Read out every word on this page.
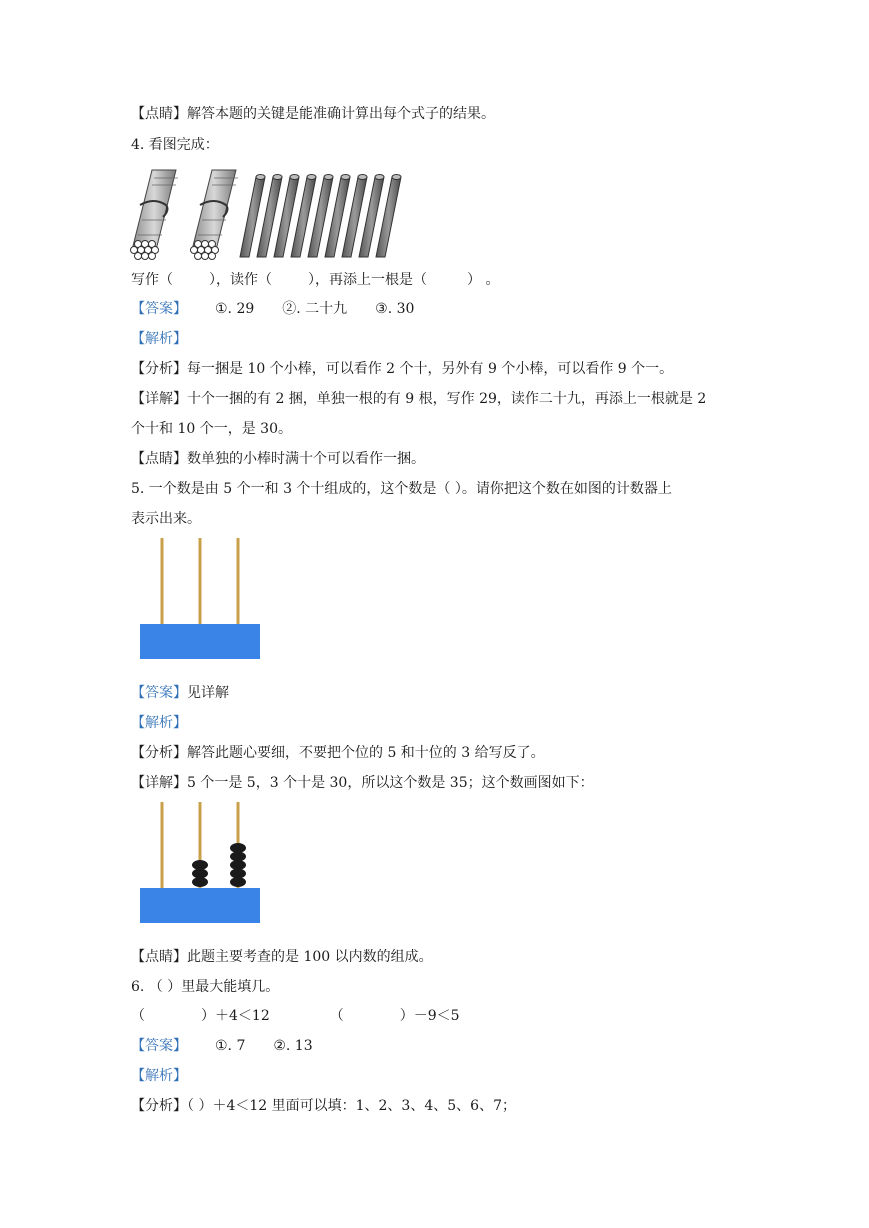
【点睛】解答本题的关键是能准确计算出每个式子的结果。
4. 看图完成：
写作（	），读作（	），再添上一根是（	） 。
【答案】 ①. 29 ②. 二十九 ③. 30
【解析】
【分析】每一捆是 10 个小棒，可以看作 2 个十，另外有 9 个小棒，可以看作 9 个一。
【详解】十个一捆的有 2 捆，单独一根的有 9 根，写作 29，读作二十九，再添上一根就是 2
个十和 10 个一，是 30。
【点睛】数单独的小棒时满十个可以看作一捆。
5. 一个数是由 5 个一和 3 个十组成的，这个数是（ ）。请你把这个数在如图的计数器上
表示出来。
【答案】见详解
【解析】
【分析】解答此题心要细，不要把个位的 5 和十位的 3 给写反了。
【详解】5 个一是 5，3 个十是 30，所以这个数是 35；这个数画图如下：
【点睛】此题主要考查的是 100 以内数的组成。
6. （ ）里最大能填几。
（	）＋4＜12	（	）－9＜5
【答案】 ①. 7 ②. 13
【解析】
【分析】（ ）＋4＜12 里面可以填：1、2、3、4、5、6、7；
